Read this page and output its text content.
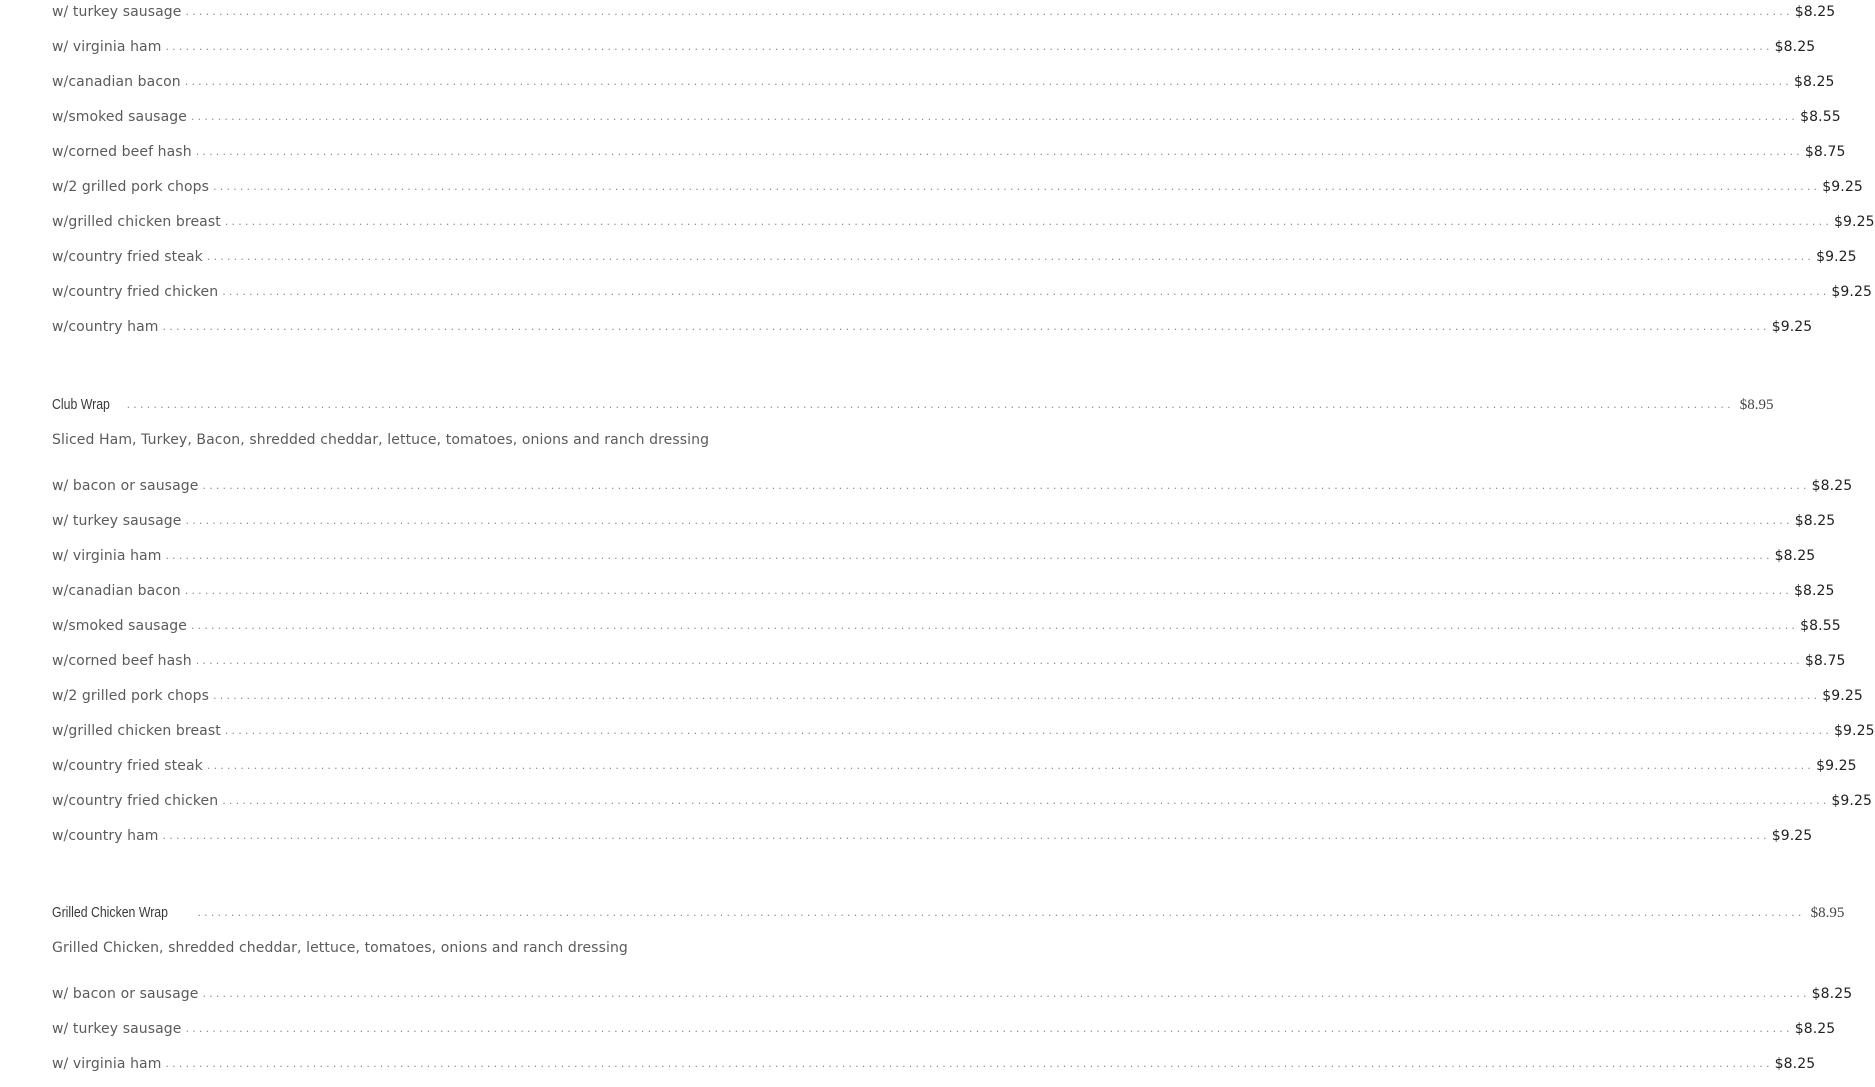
w/ turkey sausage ................................................................................................................................................................................................................................................ $8.25
w/ virginia ham ................................................................................................................................................................................................................................................ $8.25
w/canadian bacon ................................................................................................................................................................................................................................................ $8.25
w/smoked sausage ................................................................................................................................................................................................................................................ $8.55
w/corned beef hash ................................................................................................................................................................................................................................................ $8.75
w/2 grilled pork chops ................................................................................................................................................................................................................................................ $9.25
w/grilled chicken breast ................................................................................................................................................................................................................................................ $9.25
w/country fried steak ................................................................................................................................................................................................................................................ $9.25
w/country fried chicken ................................................................................................................................................................................................................................................ $9.25
w/country ham ................................................................................................................................................................................................................................................ $9.25
Club Wrap ................................................................................................................................................................................................................................................ $8.95
Sliced Ham, Turkey, Bacon, shredded cheddar, lettuce, tomatoes, onions and ranch dressing
w/ bacon or sausage ................................................................................................................................................................................................................................................ $8.25
w/ turkey sausage ................................................................................................................................................................................................................................................ $8.25
w/ virginia ham ................................................................................................................................................................................................................................................ $8.25
w/canadian bacon ................................................................................................................................................................................................................................................ $8.25
w/smoked sausage ................................................................................................................................................................................................................................................ $8.55
w/corned beef hash ................................................................................................................................................................................................................................................ $8.75
w/2 grilled pork chops ................................................................................................................................................................................................................................................ $9.25
w/grilled chicken breast ................................................................................................................................................................................................................................................ $9.25
w/country fried steak ................................................................................................................................................................................................................................................ $9.25
w/country fried chicken ................................................................................................................................................................................................................................................ $9.25
w/country ham ................................................................................................................................................................................................................................................ $9.25
Grilled Chicken Wrap	................................................................................................................................................................................................................................................ $8.95
Grilled Chicken, shredded cheddar, lettuce, tomatoes, onions and ranch dressing
w/ bacon or sausage ................................................................................................................................................................................................................................................ $8.25
w/ turkey sausage ................................................................................................................................................................................................................................................ $8.25
w/ virginia ham ................................................................................................................................................................................................................................................ $8.25
